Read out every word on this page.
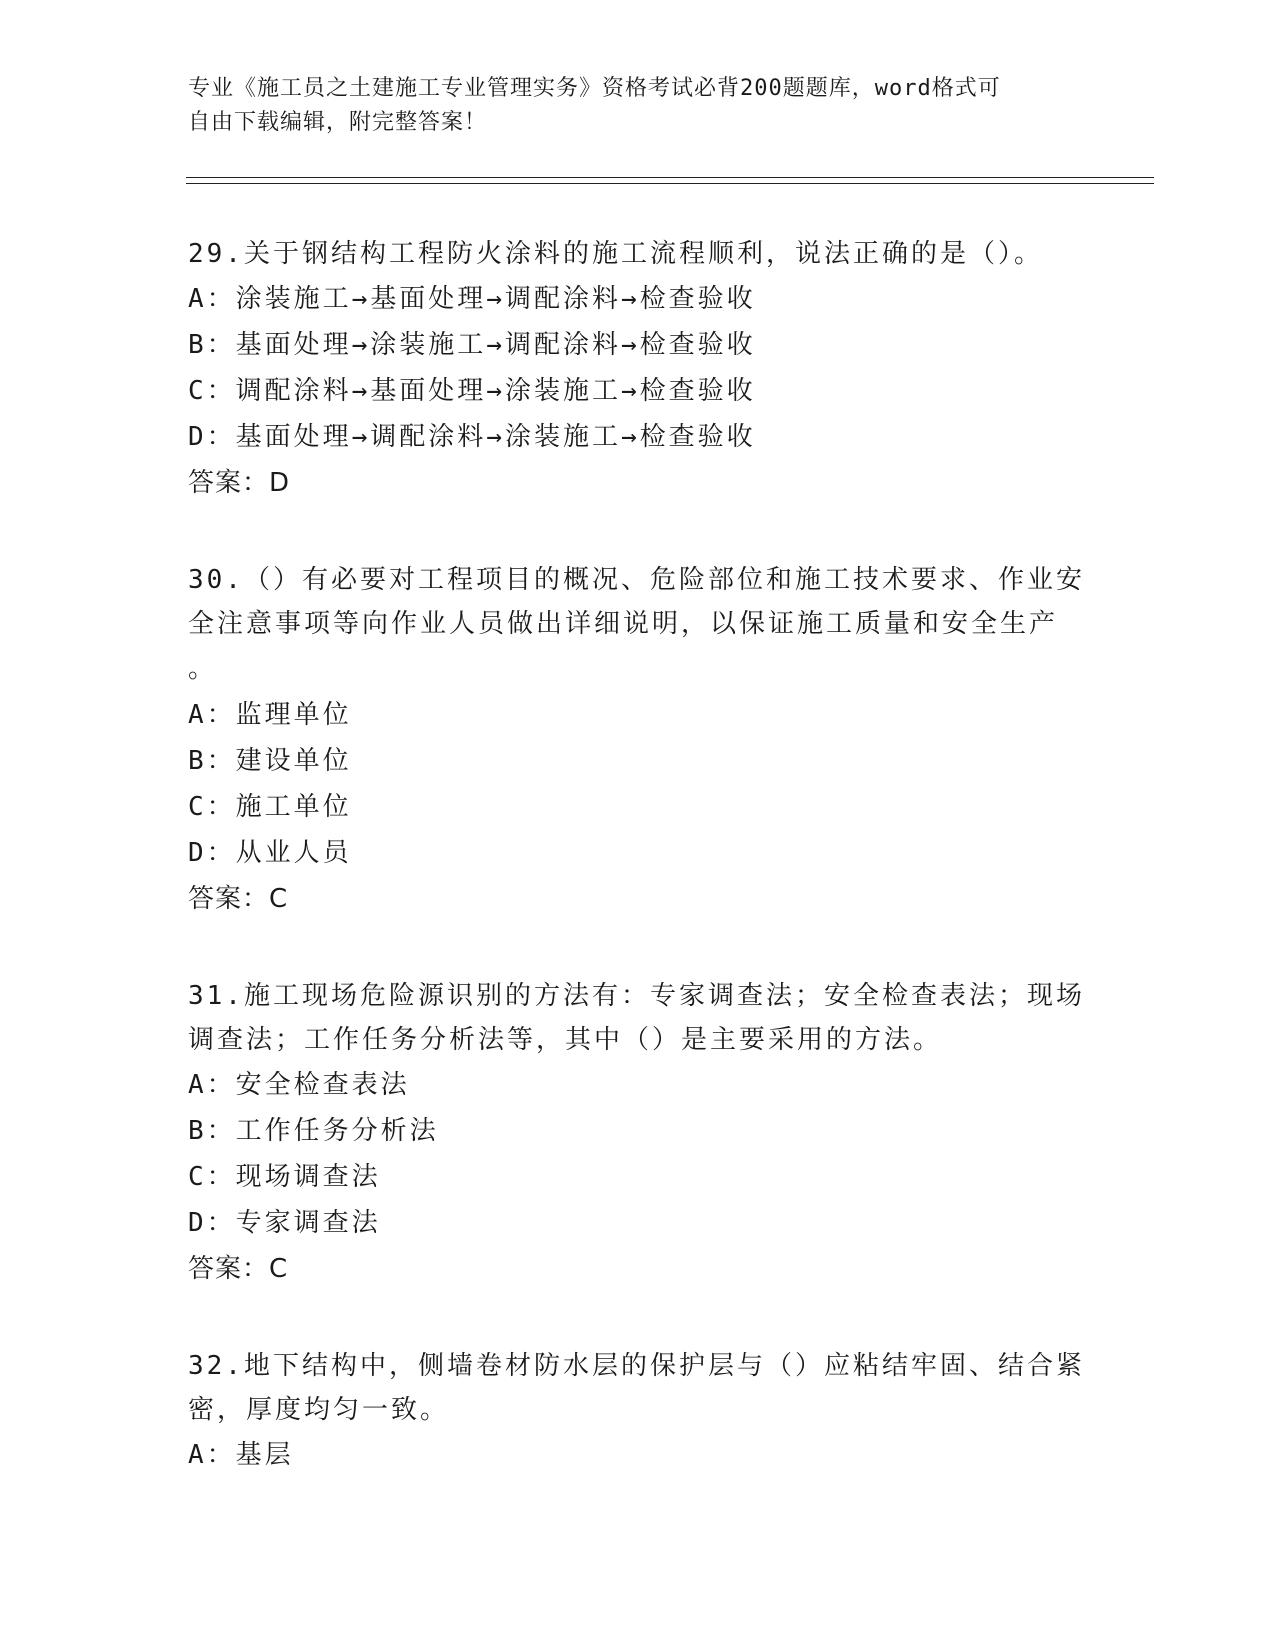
专业《施工员之土建施工专业管理实务》资格考试必背200题题库，word格式可
自由下载编辑，附完整答案！

29.关于钢结构工程防火涂料的施工流程顺利，说法正确的是（）。

A：涂装施工→基面处理→调配涂料→检查验收

B：基面处理→涂装施工→调配涂料→检查验收

C：调配涂料→基面处理→涂装施工→检查验收

D：基面处理→调配涂料→涂装施工→检查验收

答案：D

30.（）有必要对工程项目的概况、危险部位和施工技术要求、作业安全注意事项等向作业人员做出详细说明，以保证施工质量和安全生产

。

A：监理单位

B：建设单位

C：施工单位

D：从业人员

答案：C

31.施工现场危险源识别的方法有：专家调查法；安全检查表法；现场调查法；工作任务分析法等，其中（）是主要采用的方法。

A：安全检查表法

B：工作任务分析法

C：现场调查法

D：专家调查法

答案：C

32.地下结构中，侧墙卷材防水层的保护层与（）应粘结牢固、结合紧密，厚度均匀一致。

A：基层
